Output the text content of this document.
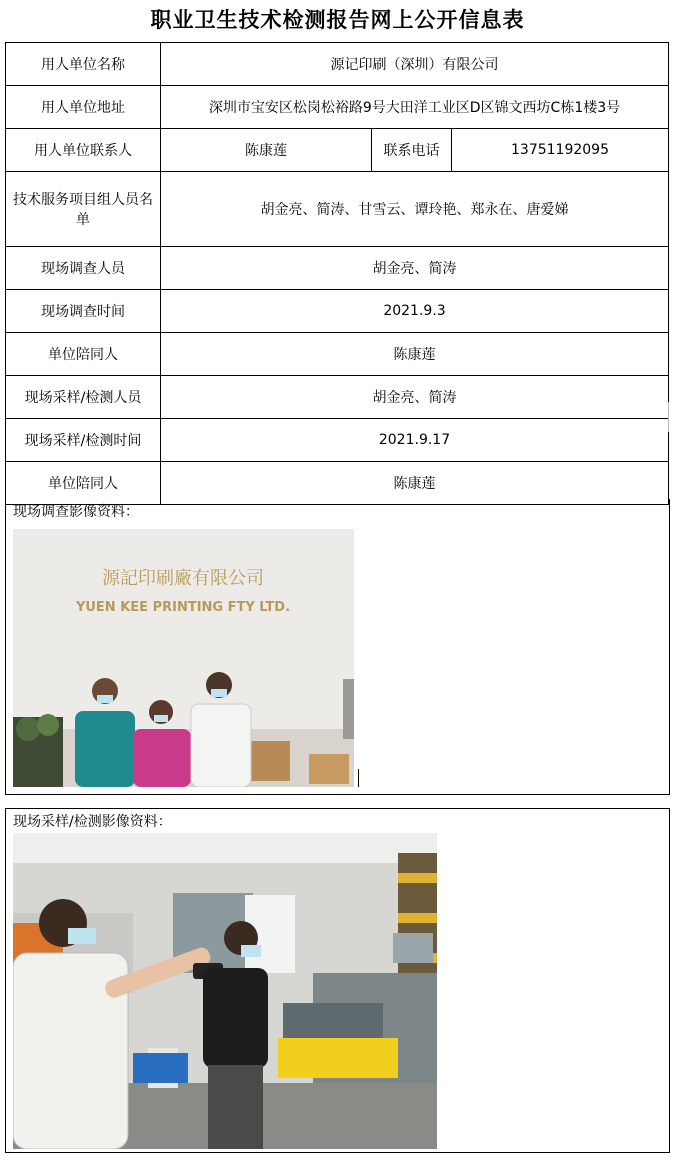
职业卫生技术检测报告网上公开信息表
用人单位名称	源记印刷（深圳）有限公司		
用人单位地址	深圳市宝安区松岗松裕路9号大田洋工业区D区锦文西坊C栋1楼3号		
用人单位联系人	陈康莲	联系电话	13751192095
技术服务项目组人员名单	胡金亮、简涛、甘雪云、谭玲艳、郑永在、唐爱娣		
现场调查人员	胡金亮、简涛		
现场调查时间	2021.9.3		
单位陪同人	陈康莲		
现场采样/检测人员	胡金亮、简涛		
现场采样/检测时间	2021.9.17		
单位陪同人	陈康莲		
现场调查影像资料：
源記印刷廠有限公司
YUEN KEE PRINTING FTY LTD.
现场采样/检测影像资料：
